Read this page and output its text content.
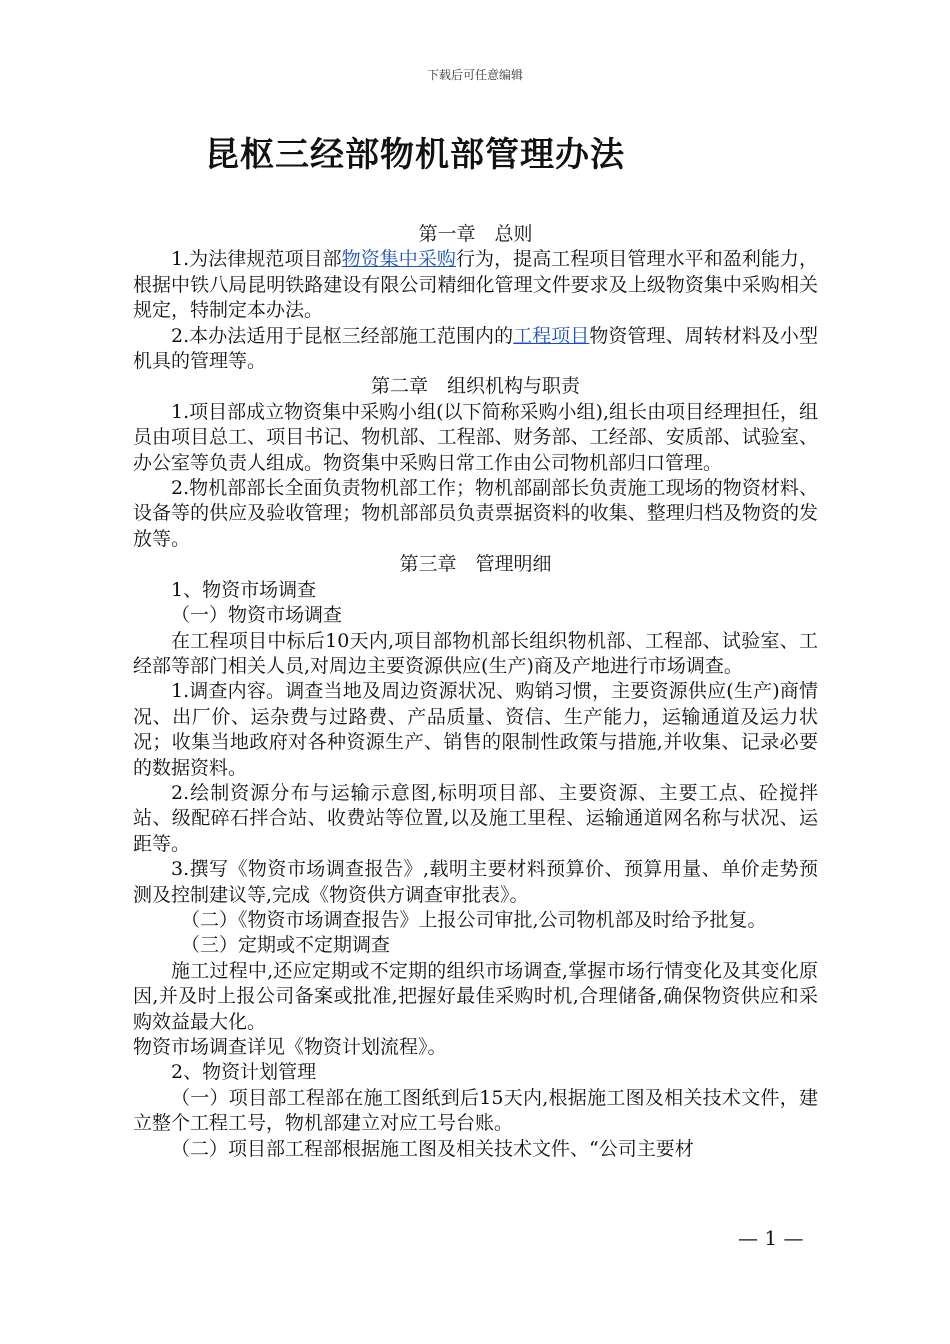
下载后可任意编辑
昆枢三经部物机部管理办法

第一章　总则

1.为法律规范项目部物资集中采购行为，提高工程项目管理水平和盈利能力，根据中铁八局昆明铁路建设有限公司精细化管理文件要求及上级物资集中采购相关规定，特制定本办法。

2.本办法适用于昆枢三经部施工范围内的工程项目物资管理、周转材料及小型机具的管理等。

第二章　组织机构与职责

1.项目部成立物资集中采购小组(以下简称采购小组),组长由项目经理担任，组员由项目总工、项目书记、物机部、工程部、财务部、工经部、安质部、试验室、办公室等负责人组成。物资集中采购日常工作由公司物机部归口管理。

2.物机部部长全面负责物机部工作；物机部副部长负责施工现场的物资材料、设备等的供应及验收管理；物机部部员负责票据资料的收集、整理归档及物资的发放等。

第三章　管理明细

1、物资市场调查

（一）物资市场调查

在工程项目中标后10天内,项目部物机部长组织物机部、工程部、试验室、工经部等部门相关人员,对周边主要资源供应(生产)商及产地进行市场调查。

1.调查内容。调查当地及周边资源状况、购销习惯，主要资源供应(生产)商情况、出厂价、运杂费与过路费、产品质量、资信、生产能力，运输通道及运力状况；收集当地政府对各种资源生产、销售的限制性政策与措施,并收集、记录必要的数据资料。

2.绘制资源分布与运输示意图,标明项目部、主要资源、主要工点、砼搅拌站、级配碎石拌合站、收费站等位置,以及施工里程、运输通道网名称与状况、运距等。

3.撰写《物资市场调查报告》,载明主要材料预算价、预算用量、单价走势预测及控制建议等,完成《物资供方调查审批表》。

（二）《物资市场调查报告》上报公司审批,公司物机部及时给予批复。

（三）定期或不定期调查

施工过程中,还应定期或不定期的组织市场调查,掌握市场行情变化及其变化原因,并及时上报公司备案或批准,把握好最佳采购时机,合理储备,确保物资供应和采购效益最大化。

物资市场调查详见《物资计划流程》。

2、物资计划管理

（一）项目部工程部在施工图纸到后15天内,根据施工图及相关技术文件，建立整个工程工号，物机部建立对应工号台账。

（二）项目部工程部根据施工图及相关技术文件、“公司主要材

— 1 —
